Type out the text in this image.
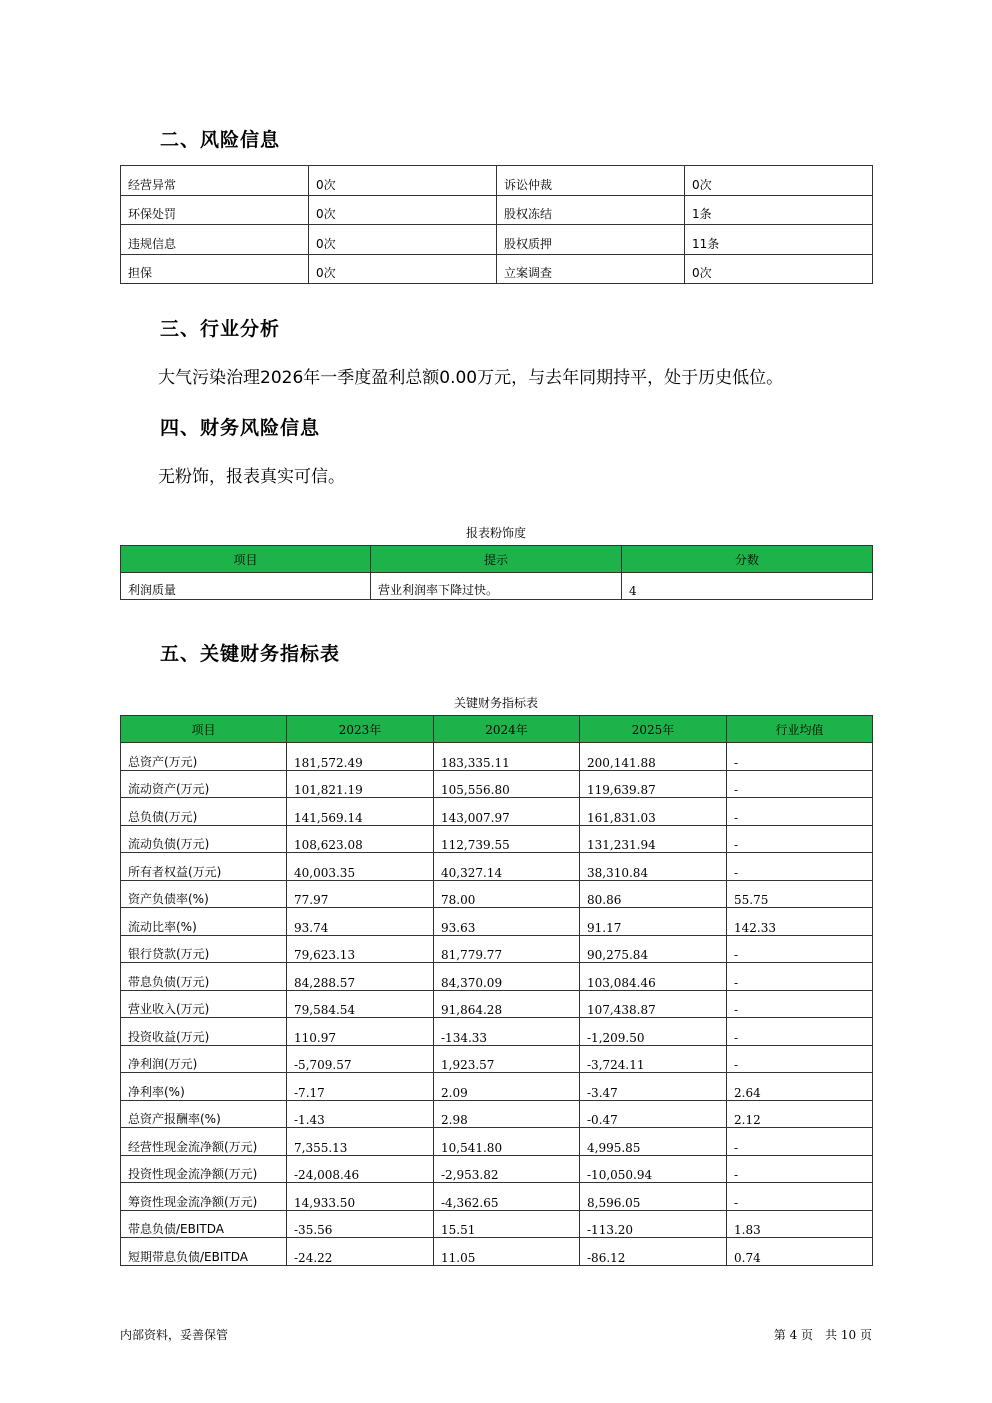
二、风险信息
经营异常	0次	诉讼仲裁	0次
环保处罚	0次	股权冻结	1条
违规信息	0次	股权质押	11条
担保	0次	立案调查	0次
三、行业分析
大气污染治理2026年一季度盈利总额0.00万元，与去年同期持平，处于历史低位。
四、财务风险信息
无粉饰，报表真实可信。
报表粉饰度
项目	提示	分数
利润质量	营业利润率下降过快。	4
五、关键财务指标表
关键财务指标表
项目	2023年	2024年	2025年	行业均值
总资产(万元)	181,572.49	183,335.11	200,141.88	-
流动资产(万元)	101,821.19	105,556.80	119,639.87	-
总负债(万元)	141,569.14	143,007.97	161,831.03	-
流动负债(万元)	108,623.08	112,739.55	131,231.94	-
所有者权益(万元)	40,003.35	40,327.14	38,310.84	-
资产负债率(%)	77.97	78.00	80.86	55.75
流动比率(%)	93.74	93.63	91.17	142.33
银行贷款(万元)	79,623.13	81,779.77	90,275.84	-
带息负债(万元)	84,288.57	84,370.09	103,084.46	-
营业收入(万元)	79,584.54	91,864.28	107,438.87	-
投资收益(万元)	110.97	-134.33	-1,209.50	-
净利润(万元)	-5,709.57	1,923.57	-3,724.11	-
净利率(%)	-7.17	2.09	-3.47	2.64
总资产报酬率(%)	-1.43	2.98	-0.47	2.12
经营性现金流净额(万元)	7,355.13	10,541.80	4,995.85	-
投资性现金流净额(万元)	-24,008.46	-2,953.82	-10,050.94	-
筹资性现金流净额(万元)	14,933.50	-4,362.65	8,596.05	-
带息负债/EBITDA	-35.56	15.51	-113.20	1.83
短期带息负债/EBITDA	-24.22	11.05	-86.12	0.74
内部资料，妥善保管	第 4 页　共 10 页
